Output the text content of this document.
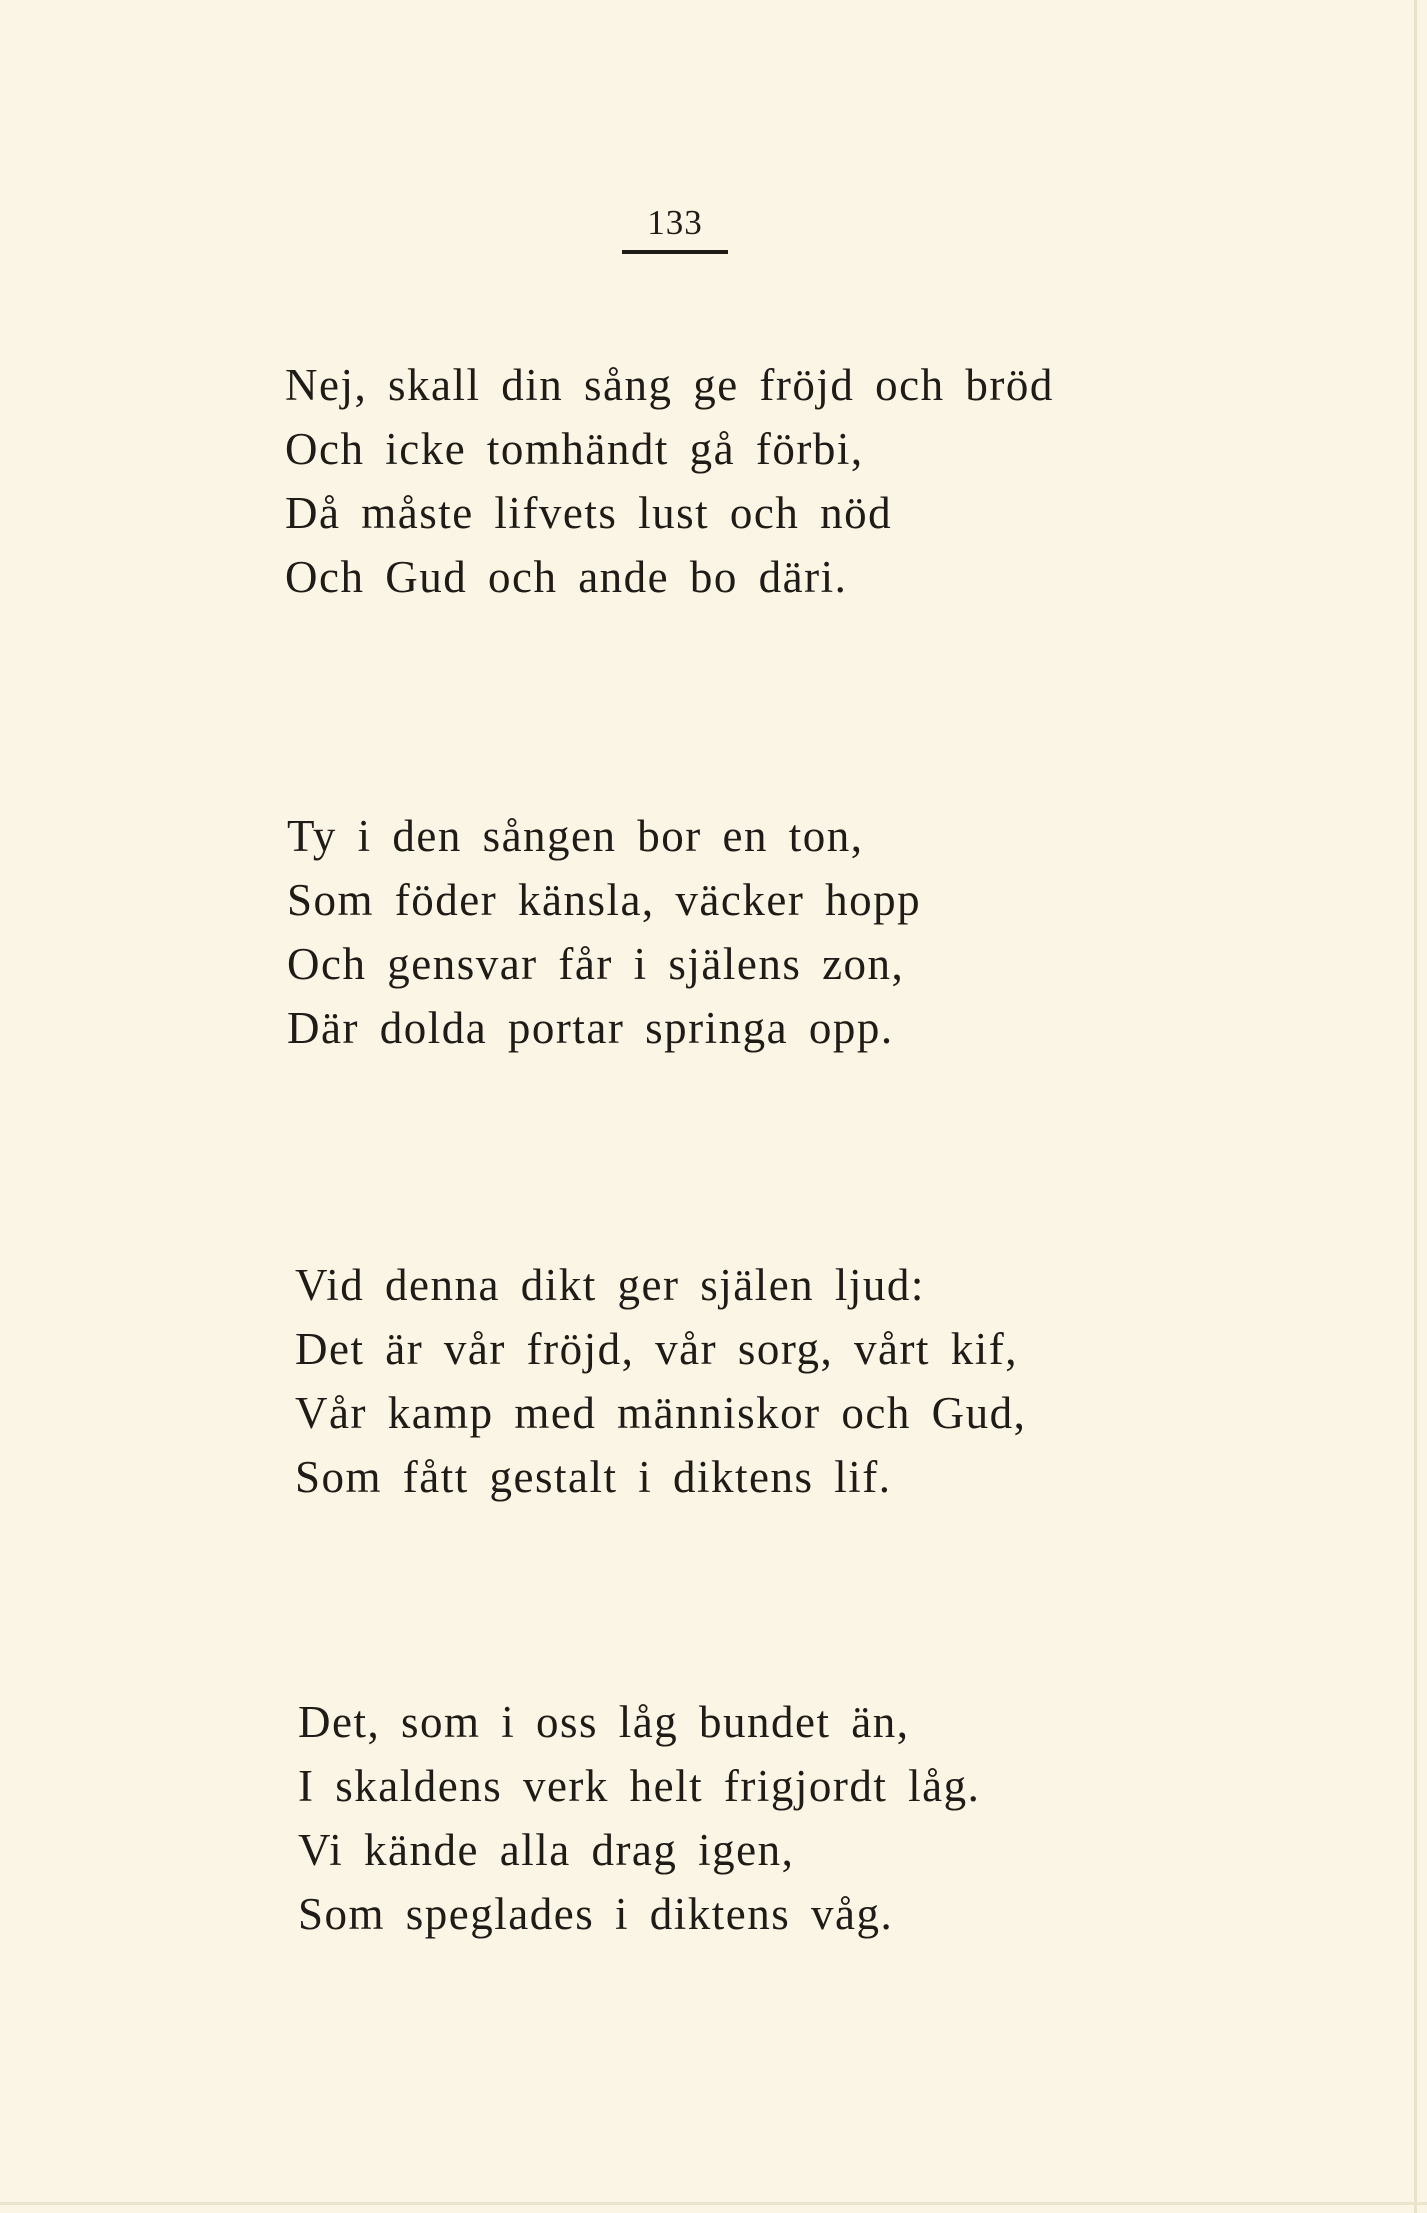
133
Nej, skall din sång ge fröjd och bröd
Och icke tomhändt gå förbi,
Då måste lifvets lust och nöd
Och Gud och ande bo däri.
Ty i den sången bor en ton,
Som föder känsla, väcker hopp
Och gensvar får i själens zon,
Där dolda portar springa opp.
Vid denna dikt ger själen ljud:
Det är vår fröjd, vår sorg, vårt kif,
Vår kamp med människor och Gud,
Som fått gestalt i diktens lif.
Det, som i oss låg bundet än,
I skaldens verk helt frigjordt låg.
Vi kände alla drag igen,
Som speglades i diktens våg.
